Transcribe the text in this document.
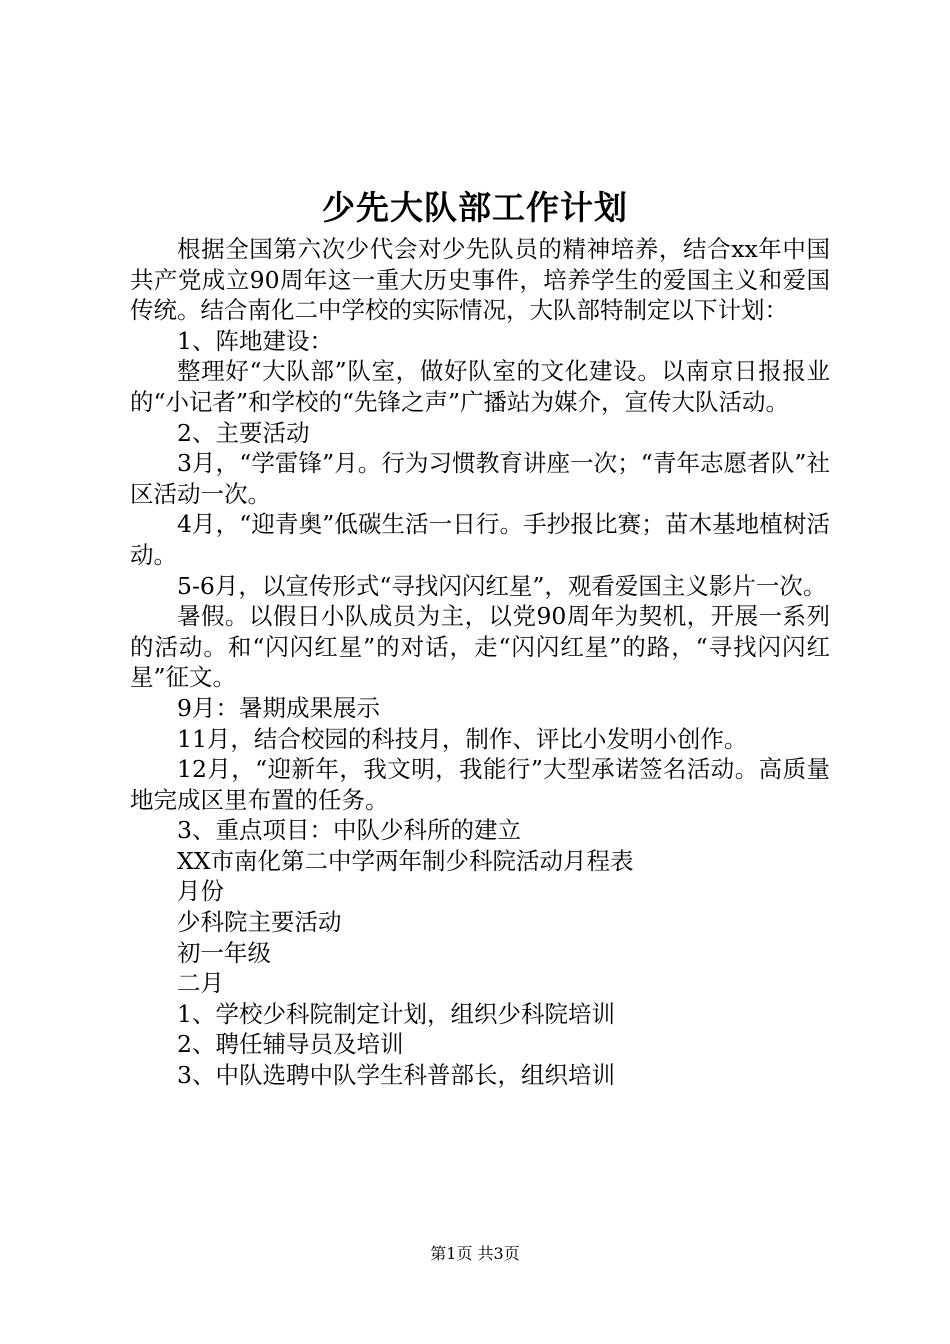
少先大队部工作计划

根据全国第六次少代会对少先队员的精神培养，结合xx年中国共产党成立90周年这一重大历史事件，培养学生的爱国主义和爱国传统。结合南化二中学校的实际情况，大队部特制定以下计划：

1、阵地建设：

整理好“大队部”队室，做好队室的文化建设。以南京日报报业的“小记者”和学校的“先锋之声”广播站为媒介，宣传大队活动。

2、主要活动

3月，“学雷锋”月。行为习惯教育讲座一次；“青年志愿者队”社区活动一次。

4月，“迎青奥”低碳生活一日行。手抄报比赛；苗木基地植树活动。

5-6月，以宣传形式“寻找闪闪红星”，观看爱国主义影片一次。

暑假。以假日小队成员为主，以党90周年为契机，开展一系列的活动。和“闪闪红星”的对话，走“闪闪红星”的路，“寻找闪闪红星”征文。

9月：暑期成果展示

11月，结合校园的科技月，制作、评比小发明小创作。

12月，“迎新年，我文明，我能行”大型承诺签名活动。高质量地完成区里布置的任务。

3、重点项目：中队少科所的建立

XX市南化第二中学两年制少科院活动月程表

月份

少科院主要活动

初一年级

二月

1、学校少科院制定计划，组织少科院培训

2、聘任辅导员及培训

3、中队选聘中队学生科普部长，组织培训

第1页 共3页
